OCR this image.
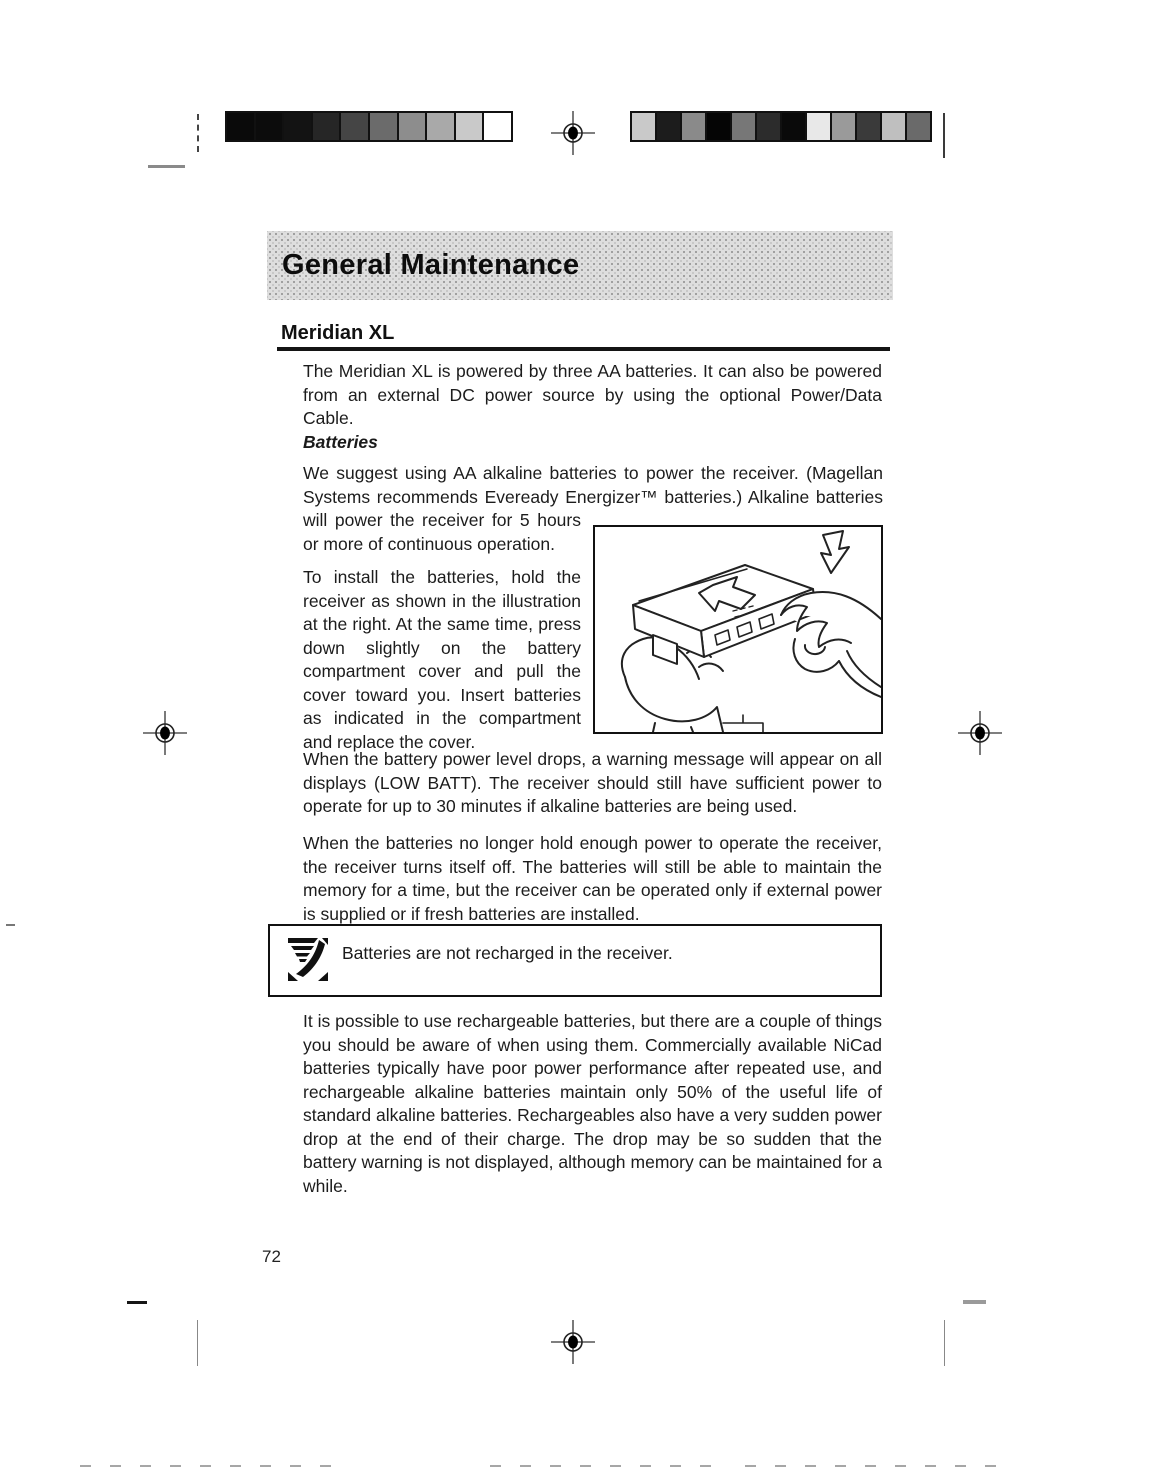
General Maintenance
Meridian XL
The Meridian XL is powered by three AA batteries. It can also be powered from an external DC power source by using the optional Power/Data Cable.
Batteries
We suggest using AA alkaline batteries to power the receiver. (Magellan Systems recommends Eveready Energizer™ batteries.) Alkaline batteries
will power the receiver for 5 hours or more of continuous operation.
To install the batteries, hold the receiver as shown in the illustration at the right. At the same time, press down slightly on the battery compartment cover and pull the cover toward you. Insert batteries as indicated in the compartment and replace the cover.
When the battery power level drops, a warning message will appear on all displays (LOW BATT). The receiver should still have sufficient power to operate for up to 30 minutes if alkaline batteries are being used.
When the batteries no longer hold enough power to operate the receiver, the receiver turns itself off. The batteries will still be able to maintain the memory for a time, but the receiver can be operated only if external power is supplied or if fresh batteries are installed.
Batteries are not recharged in the receiver.
It is possible to use rechargeable batteries, but there are a couple of things you should be aware of when using them. Commercially available NiCad batteries typically have poor power performance after repeated use, and rechargeable alkaline batteries maintain only 50% of the useful life of standard alkaline batteries. Rechargeables also have a very sudden power drop at the end of their charge. The drop may be so sudden that the battery warning is not displayed, although memory can be maintained for a while.
72
